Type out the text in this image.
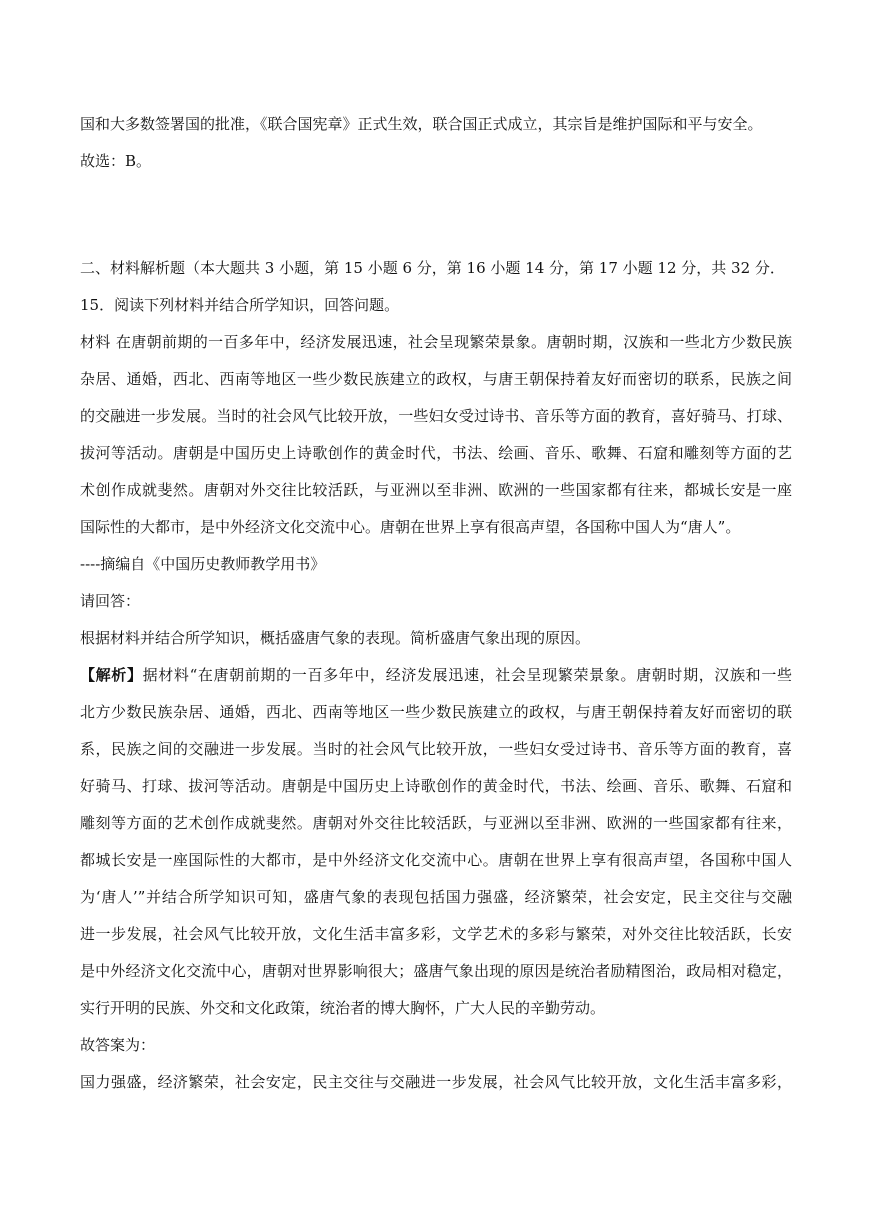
国和大多数签署国的批准，《联合国宪章》正式生效，联合国正式成立，其宗旨是维护国际和平与安全。
故选：B。
二、材料解析题（本大题共 3 小题，第 15 小题 6 分，第 16 小题 14 分，第 17 小题 12 分，共 32 分．
15．阅读下列材料并结合所学知识，回答问题。
材料 在唐朝前期的一百多年中，经济发展迅速，社会呈现繁荣景象。唐朝时期，汉族和一些北方少数民族
杂居、通婚，西北、西南等地区一些少数民族建立的政权，与唐王朝保持着友好而密切的联系，民族之间
的交融进一步发展。当时的社会风气比较开放，一些妇女受过诗书、音乐等方面的教育，喜好骑马、打球、
拔河等活动。唐朝是中国历史上诗歌创作的黄金时代，书法、绘画、音乐、歌舞、石窟和雕刻等方面的艺
术创作成就斐然。唐朝对外交往比较活跃，与亚洲以至非洲、欧洲的一些国家都有往来，都城长安是一座
国际性的大都市，是中外经济文化交流中心。唐朝在世界上享有很高声望，各国称中国人为“唐人”。
----摘编自《中国历史教师教学用书》
请回答：
根据材料并结合所学知识，概括盛唐气象的表现。简析盛唐气象出现的原因。
【解析】据材料“在唐朝前期的一百多年中，经济发展迅速，社会呈现繁荣景象。唐朝时期，汉族和一些
北方少数民族杂居、通婚，西北、西南等地区一些少数民族建立的政权，与唐王朝保持着友好而密切的联
系，民族之间的交融进一步发展。当时的社会风气比较开放，一些妇女受过诗书、音乐等方面的教育，喜
好骑马、打球、拔河等活动。唐朝是中国历史上诗歌创作的黄金时代，书法、绘画、音乐、歌舞、石窟和
雕刻等方面的艺术创作成就斐然。唐朝对外交往比较活跃，与亚洲以至非洲、欧洲的一些国家都有往来，
都城长安是一座国际性的大都市，是中外经济文化交流中心。唐朝在世界上享有很高声望，各国称中国人
为‘唐人’”并结合所学知识可知，盛唐气象的表现包括国力强盛，经济繁荣，社会安定，民主交往与交融
进一步发展，社会风气比较开放，文化生活丰富多彩，文学艺术的多彩与繁荣，对外交往比较活跃，长安
是中外经济文化交流中心，唐朝对世界影响很大；盛唐气象出现的原因是统治者励精图治，政局相对稳定，
实行开明的民族、外交和文化政策，统治者的博大胸怀，广大人民的辛勤劳动。
故答案为：
国力强盛，经济繁荣，社会安定，民主交往与交融进一步发展，社会风气比较开放，文化生活丰富多彩，
